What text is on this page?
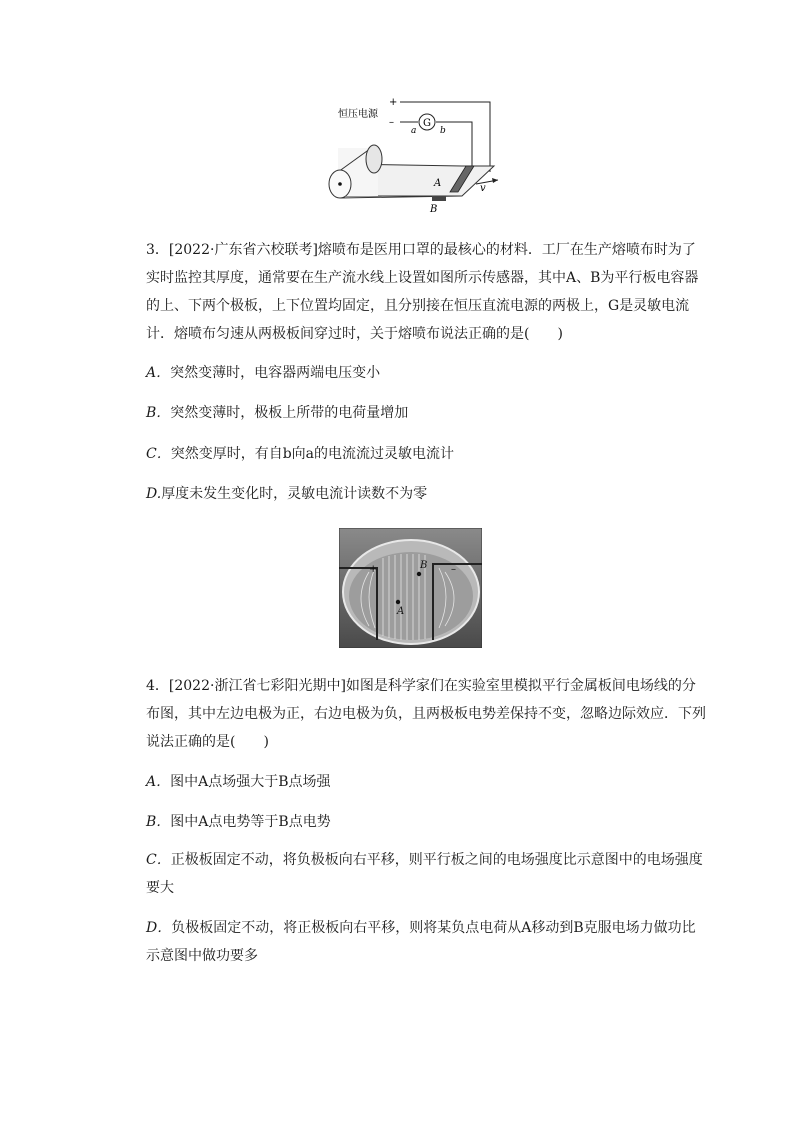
恒压电源
+
–	G
a	b
A
B
v

3．[2022·广东省六校联考]熔喷布是医用口罩的最核心的材料．工厂在生产熔喷布时为了实时监控其厚度，通常要在生产流水线上设置如图所示传感器，其中A、B为平行板电容器的上、下两个极板，上下位置均固定，且分别接在恒压直流电源的两极上，G是灵敏电流计．熔喷布匀速从两极板间穿过时，关于熔喷布说法正确的是(　　)

A．突然变薄时，电容器两端电压变小

B．突然变薄时，极板上所带的电荷量增加

C．突然变厚时，有自b向a的电流流过灵敏电流计

D.厚度未发生变化时，灵敏电流计读数不为零

+	–
A
B

4．[2022·浙江省七彩阳光期中]如图是科学家们在实验室里模拟平行金属板间电场线的分布图，其中左边电极为正，右边电极为负，且两极板电势差保持不变，忽略边际效应．下列说法正确的是(　　)

A．图中A点场强大于B点场强

B．图中A点电势等于B点电势

C．正极板固定不动，将负极板向右平移，则平行板之间的电场强度比示意图中的电场强度要大

D．负极板固定不动，将正极板向右平移，则将某负点电荷从A移动到B克服电场力做功比示意图中做功要多
